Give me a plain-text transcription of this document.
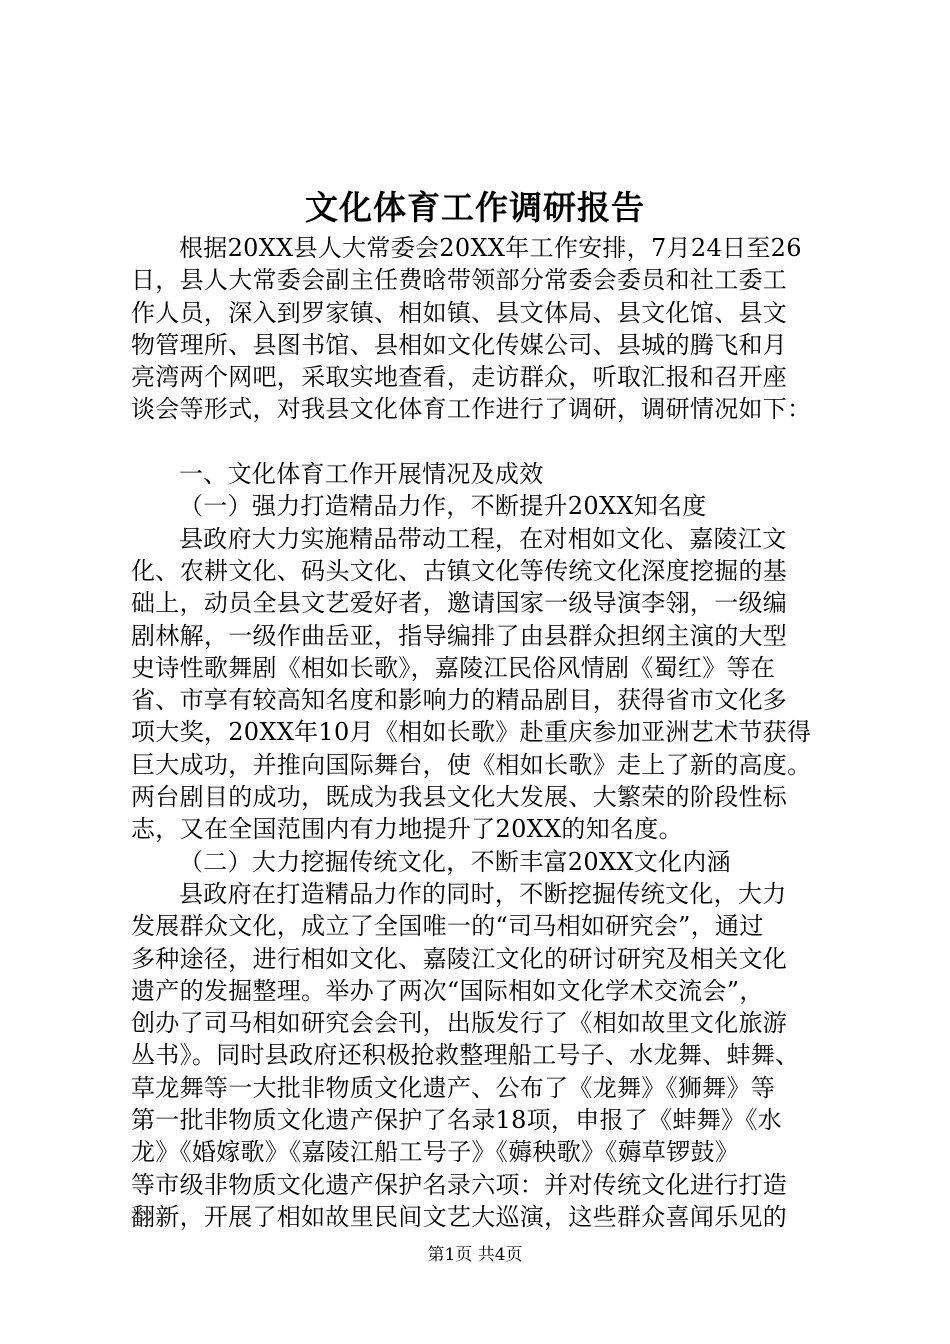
文化体育工作调研报告
根据20XX县人大常委会20XX年工作安排，7月24日至26
日，县人大常委会副主任费晗带领部分常委会委员和社工委工
作人员，深入到罗家镇、相如镇、县文体局、县文化馆、县文
物管理所、县图书馆、县相如文化传媒公司、县城的腾飞和月
亮湾两个网吧，采取实地查看，走访群众，听取汇报和召开座
谈会等形式，对我县文化体育工作进行了调研，调研情况如下：
一、文化体育工作开展情况及成效
（一）强力打造精品力作，不断提升20XX知名度
县政府大力实施精品带动工程，在对相如文化、嘉陵江文
化、农耕文化、码头文化、古镇文化等传统文化深度挖掘的基
础上，动员全县文艺爱好者，邀请国家一级导演李翎，一级编
剧林解，一级作曲岳亚，指导编排了由县群众担纲主演的大型
史诗性歌舞剧《相如长歌》，嘉陵江民俗风情剧《蜀红》等在
省、市享有较高知名度和影响力的精品剧目，获得省市文化多
项大奖，20XX年10月《相如长歌》赴重庆参加亚洲艺术节获得
巨大成功，并推向国际舞台，使《相如长歌》走上了新的高度。
两台剧目的成功，既成为我县文化大发展、大繁荣的阶段性标
志，又在全国范围内有力地提升了20XX的知名度。
（二）大力挖掘传统文化，不断丰富20XX文化内涵
县政府在打造精品力作的同时，不断挖掘传统文化，大力
发展群众文化，成立了全国唯一的“司马相如研究会”，通过
多种途径，进行相如文化、嘉陵江文化的研讨研究及相关文化
遗产的发掘整理。举办了两次“国际相如文化学术交流会”，
创办了司马相如研究会会刊，出版发行了《相如故里文化旅游
丛书》。同时县政府还积极抢救整理船工号子、水龙舞、蚌舞、
草龙舞等一大批非物质文化遗产、公布了《龙舞》《狮舞》等
第一批非物质文化遗产保护了名录18项，申报了《蚌舞》《水
龙》《婚嫁歌》《嘉陵江船工号子》《薅秧歌》《薅草锣鼓》
等市级非物质文化遗产保护名录六项：并对传统文化进行打造
翻新，开展了相如故里民间文艺大巡演，这些群众喜闻乐见的
第1页 共4页
